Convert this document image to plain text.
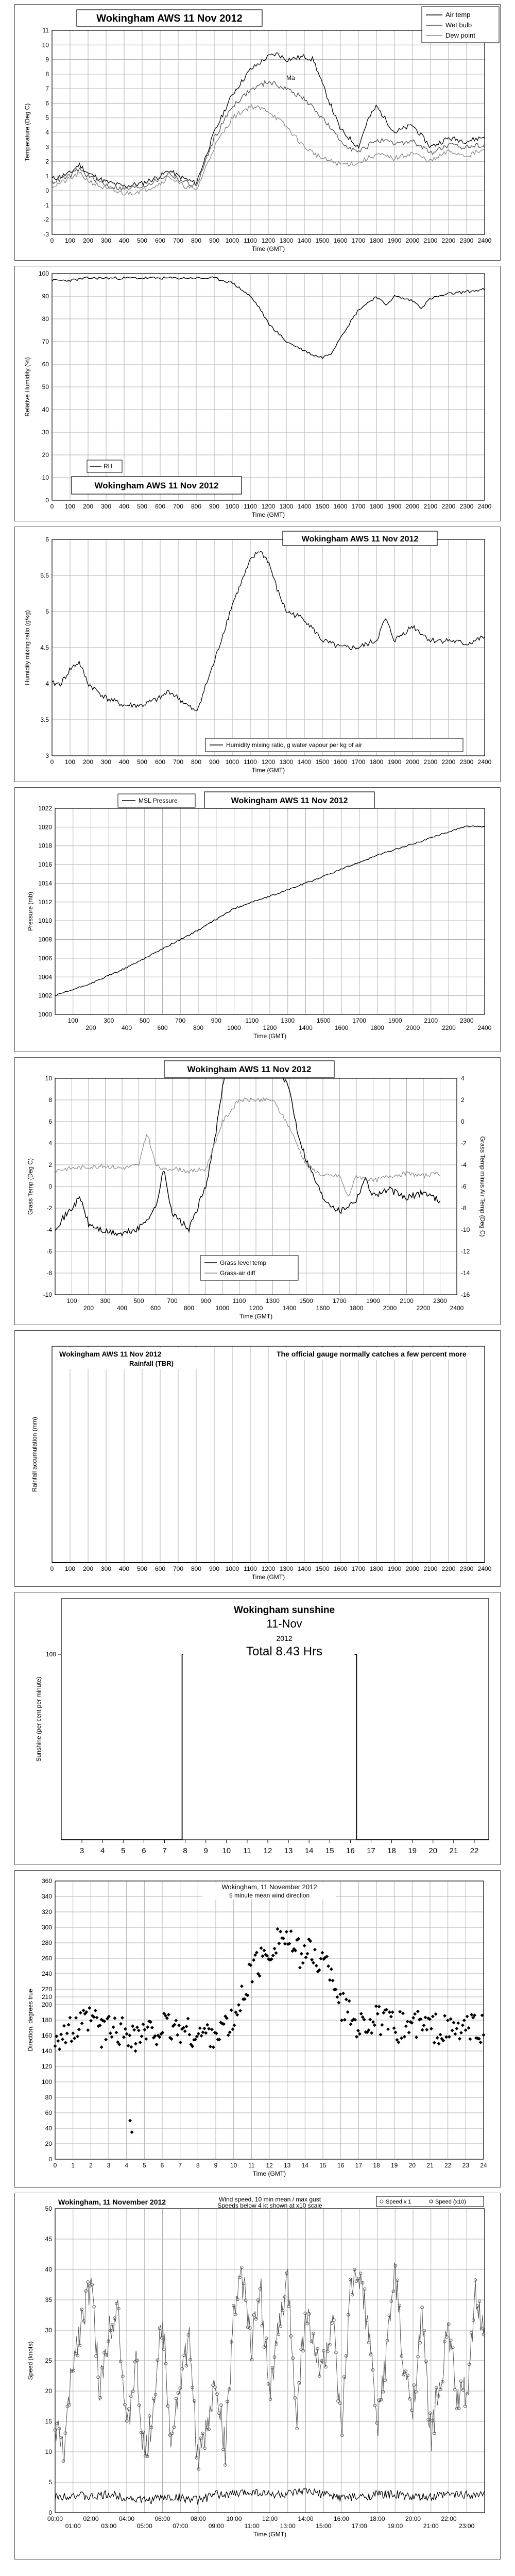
-3
-2
-1
0
1
2
3
4
5
6
7
8
9
10
11
0 100 200 300 400 500 600 700 800 900 1000 1100 1200 1300 1400 1500 1600 1700 1800 1900 2000 2100 2200 2300 2400
Time (GMT)
Temperature (Deg C)
Wokingham AWS 11 Nov 2012
Ma
Air temp
Wet bulb
Dew point
0
10
20
30
40
50
60
70
80
90
100
0 100 200 300 400 500 600 700 800 900 1000 1100 1200 1300 1400 1500 1600 1700 1800 1900 2000 2100 2200 2300 2400
Time (GMT)
Relative Humidity (%)
RH
Wokingham AWS 11 Nov 2012
3
3.5
4
4.5
5
5.5
6
0 100 200 300 400 500 600 700 800 900 1000 1100 1200 1300 1400 1500 1600 1700 1800 1900 2000 2100 2200 2300 2400
Time (GMT)
Humidity mixing ratio (g/kg)
Wokingham AWS 11 Nov 2012
Humidity mixing ratio, g water vapour per kg of air
1000
1002
1004
1006
1008
1010
1012
1014
1016
1018
1020
1022
100
200
300
400
500
600
700
800
900
1000
1100
1200
1300
1400
1500
1600
1700
1800
1900
2000
2100
2200
2300
2400
Time (GMT)
Pressure (mb)
MSL Pressure	Wokingham AWS 11 Nov 2012
-10
-8
-6
-4
-2
0
2
4
6
8
10
100
200
300
400
500
600
700
800
900
1000
1100
1200
1300
1400
1500
1600
1700
1800
1900
2000
2100
2200
2300
2400
Time (GMT)
Grass Temp (Deg C)
-16
-14
-12
-10
-8
-6
-4
-2
0
2
4
Grass Temp minus Air Temp (Deg C)
Wokingham AWS 11 Nov 2012
Grass level temp
Grass-air diff
0 100 200 300 400 500 600 700 800 900 1000 1100 1200 1300 1400 1500 1600 1700 1800 1900 2000 2100 2200 2300 2400
Time (GMT)
Rainfall accumulation (mm)
Wokingham AWS 11 Nov 2012
Rainfall (TBR)
The official gauge normally catches a few percent more
3 4 5 6 7 8 9 10 11 12 13 14 15 16 17 18 19 20 21 22
100
Sunshine (per cent per minute)
Wokingham sunshine
11-Nov
2012
Total 8.43 Hrs
0
20
40
60
80
100
120
140
160
180
200
210
220
240
260
280
300
320
340
360
0 1 2 3 4 5 6 7 8 9 10 11 12 13 14 15 16 17 18 19 20 21 22 23 24
Time (GMT)
Direction, degrees true
Wokingham, 11 November 2012
5 minute mean wind direction
0
5
10
15
20
25
30
35
40
45
50
00:00
01:00
02:00
03:00
04:00
05:00
06:00
07:00
08:00
09:00
10:00
11:00
12:00
13:00
14:00
15:00
16:00
17:00
18:00
19:00
20:00
21:00
22:00
23:00
Time (GMT)
Speed (knots)
Wokingham, 11 November 2012	Wind speed, 10 min mean / max gust
Speeds below 4 kt shown at x10 scale	Speed x 1	Speed (x10)
